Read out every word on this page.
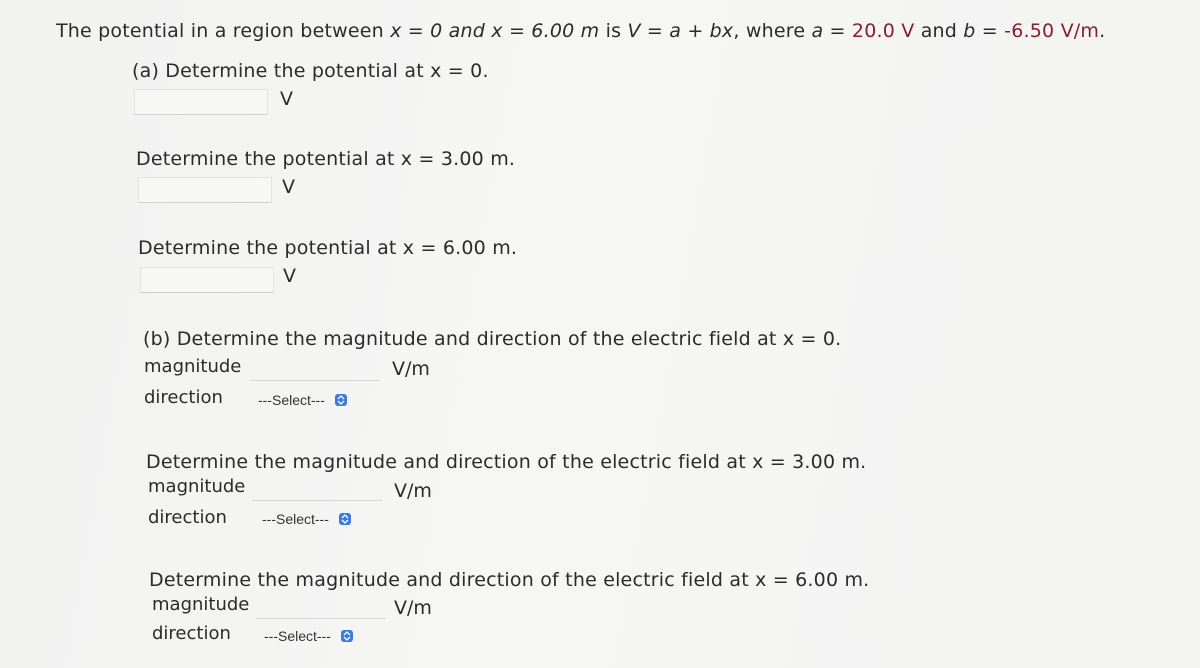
The potential in a region between x = 0 and x = 6.00 m is V = a + bx, where a = 20.0 V and b = -6.50 V/m.
(a) Determine the potential at x = 0.
V
Determine the potential at x = 3.00 m.
V
Determine the potential at x = 6.00 m.
V
(b) Determine the magnitude and direction of the electric field at x = 0.
magnitude	V/m
direction	---Select---
Determine the magnitude and direction of the electric field at x = 3.00 m.
magnitude	V/m
direction	---Select---
Determine the magnitude and direction of the electric field at x = 6.00 m.
magnitude	V/m
direction ---Select---
